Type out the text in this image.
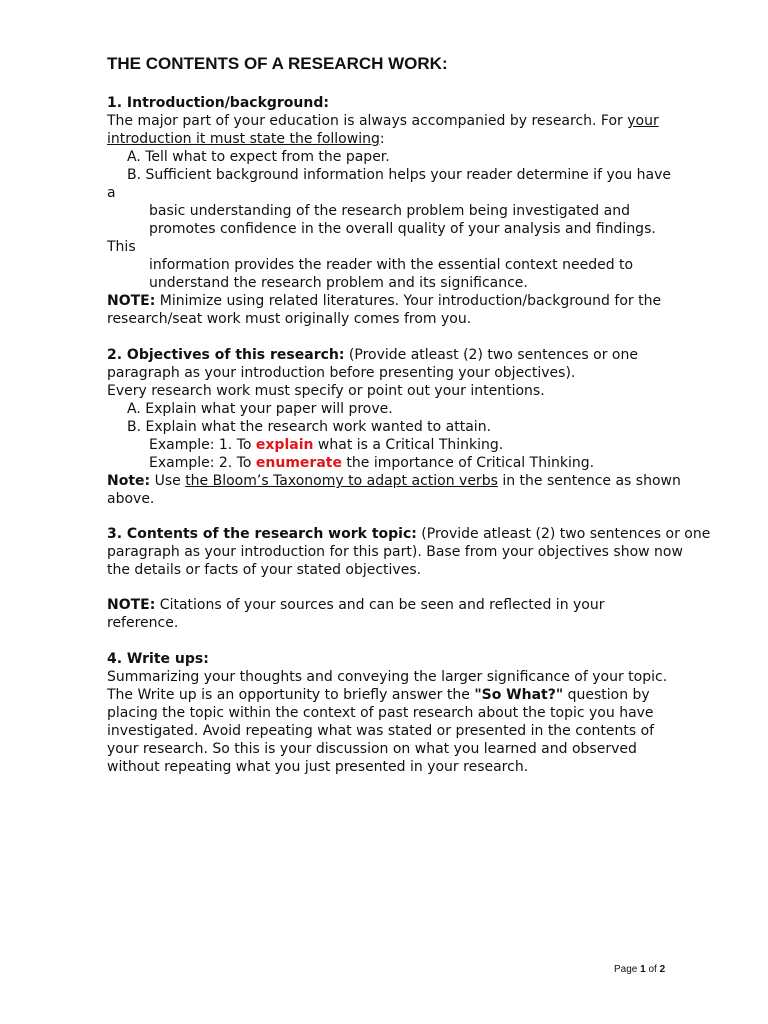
THE CONTENTS OF A RESEARCH WORK:
1. Introduction/background:
The major part of your education is always accompanied by research. For your
introduction it must state the following:
A. Tell what to expect from the paper.
B. Sufficient background information helps your reader determine if you have
a
basic understanding of the research problem being investigated and
promotes confidence in the overall quality of your analysis and findings.
This
information provides the reader with the essential context needed to
understand the research problem and its significance.
NOTE: Minimize using related literatures. Your introduction/background for the
research/seat work must originally comes from you.
2. Objectives of this research: (Provide atleast (2) two sentences or one
paragraph as your introduction before presenting your objectives).
Every research work must specify or point out your intentions.
A. Explain what your paper will prove.
B. Explain what the research work wanted to attain.
Example: 1. To explain what is a Critical Thinking.
Example: 2. To enumerate the importance of Critical Thinking.
Note: Use the Bloom’s Taxonomy to adapt action verbs in the sentence as shown
above.
3. Contents of the research work topic: (Provide atleast (2) two sentences or one
paragraph as your introduction for this part). Base from your objectives show now
the details or facts of your stated objectives.
NOTE: Citations of your sources and can be seen and reflected in your
reference.
4. Write ups:
Summarizing your thoughts and conveying the larger significance of your topic.
The Write up is an opportunity to briefly answer the "So What?" question by
placing the topic within the context of past research about the topic you have
investigated. Avoid repeating what was stated or presented in the contents of
your research. So this is your discussion on what you learned and observed
without repeating what you just presented in your research.
Page 1 of 2
